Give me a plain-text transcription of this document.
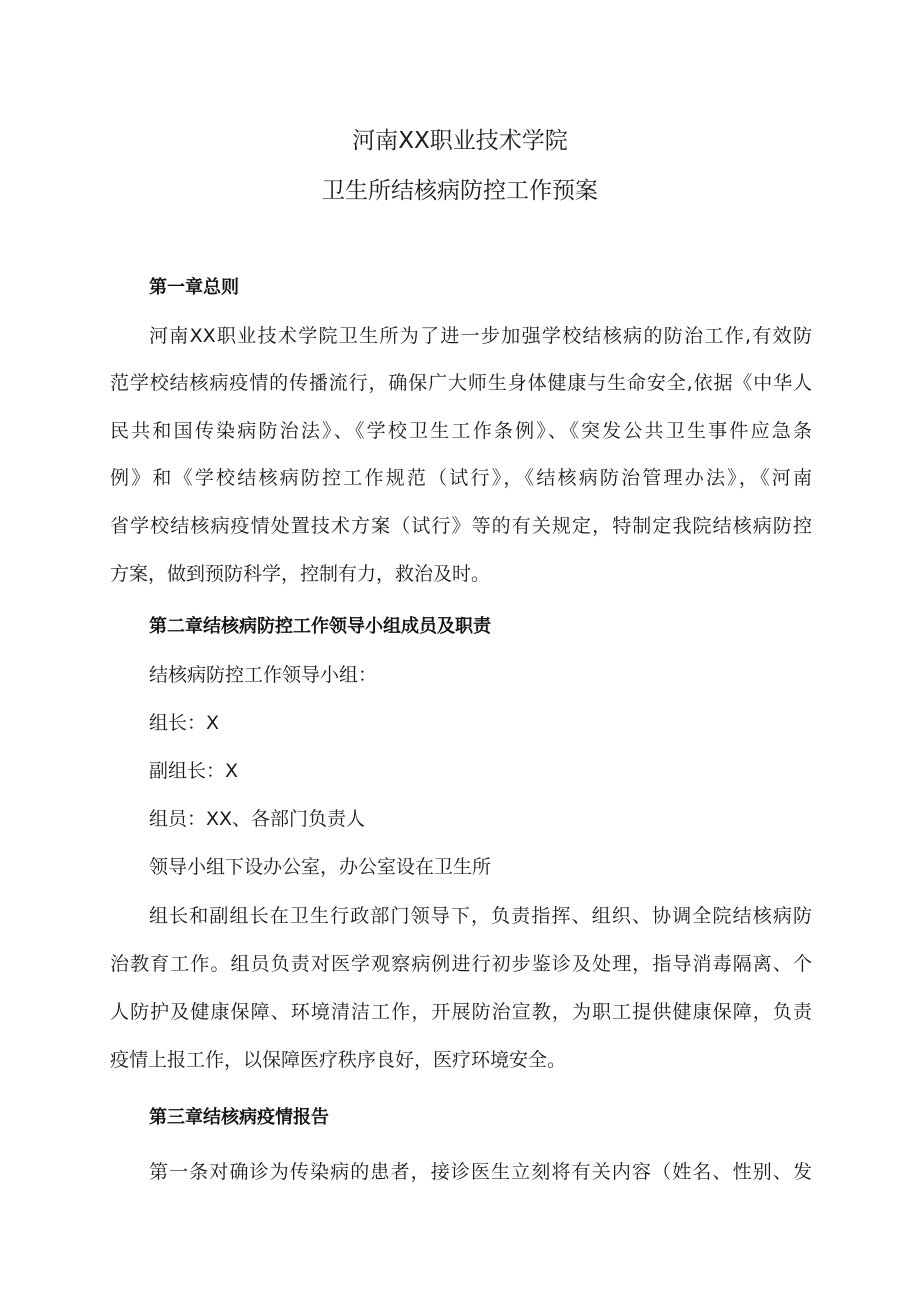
河南XX职业技术学院
卫生所结核病防控工作预案
第一章总则

河南XX职业技术学院卫生所为了进一步加强学校结核病的防治工作,有效防

范学校结核病疫情的传播流行，确保广大师生身体健康与生命安全,依据《中华人

民共和国传染病防治法》、《学校卫生工作条例》、《突发公共卫生事件应急条

例》和《学校结核病防控工作规范（试行》，《结核病防治管理办法》，《河南

省学校结核病疫情处置技术方案（试行》等的有关规定，特制定我院结核病防控

方案，做到预防科学，控制有力，救治及时。

第二章结核病防控工作领导小组成员及职责

结核病防控工作领导小组：

组长：X

副组长：X

组员：XX、各部门负责人

领导小组下设办公室，办公室设在卫生所

组长和副组长在卫生行政部门领导下，负责指挥、组织、协调全院结核病防

治教育工作。组员负责对医学观察病例进行初步鉴诊及处理，指导消毒隔离、个

人防护及健康保障、环境清洁工作，开展防治宣教，为职工提供健康保障，负责

疫情上报工作，以保障医疗秩序良好，医疗环境安全。

第三章结核病疫情报告

第一条对确诊为传染病的患者，接诊医生立刻将有关内容（姓名、性别、发
